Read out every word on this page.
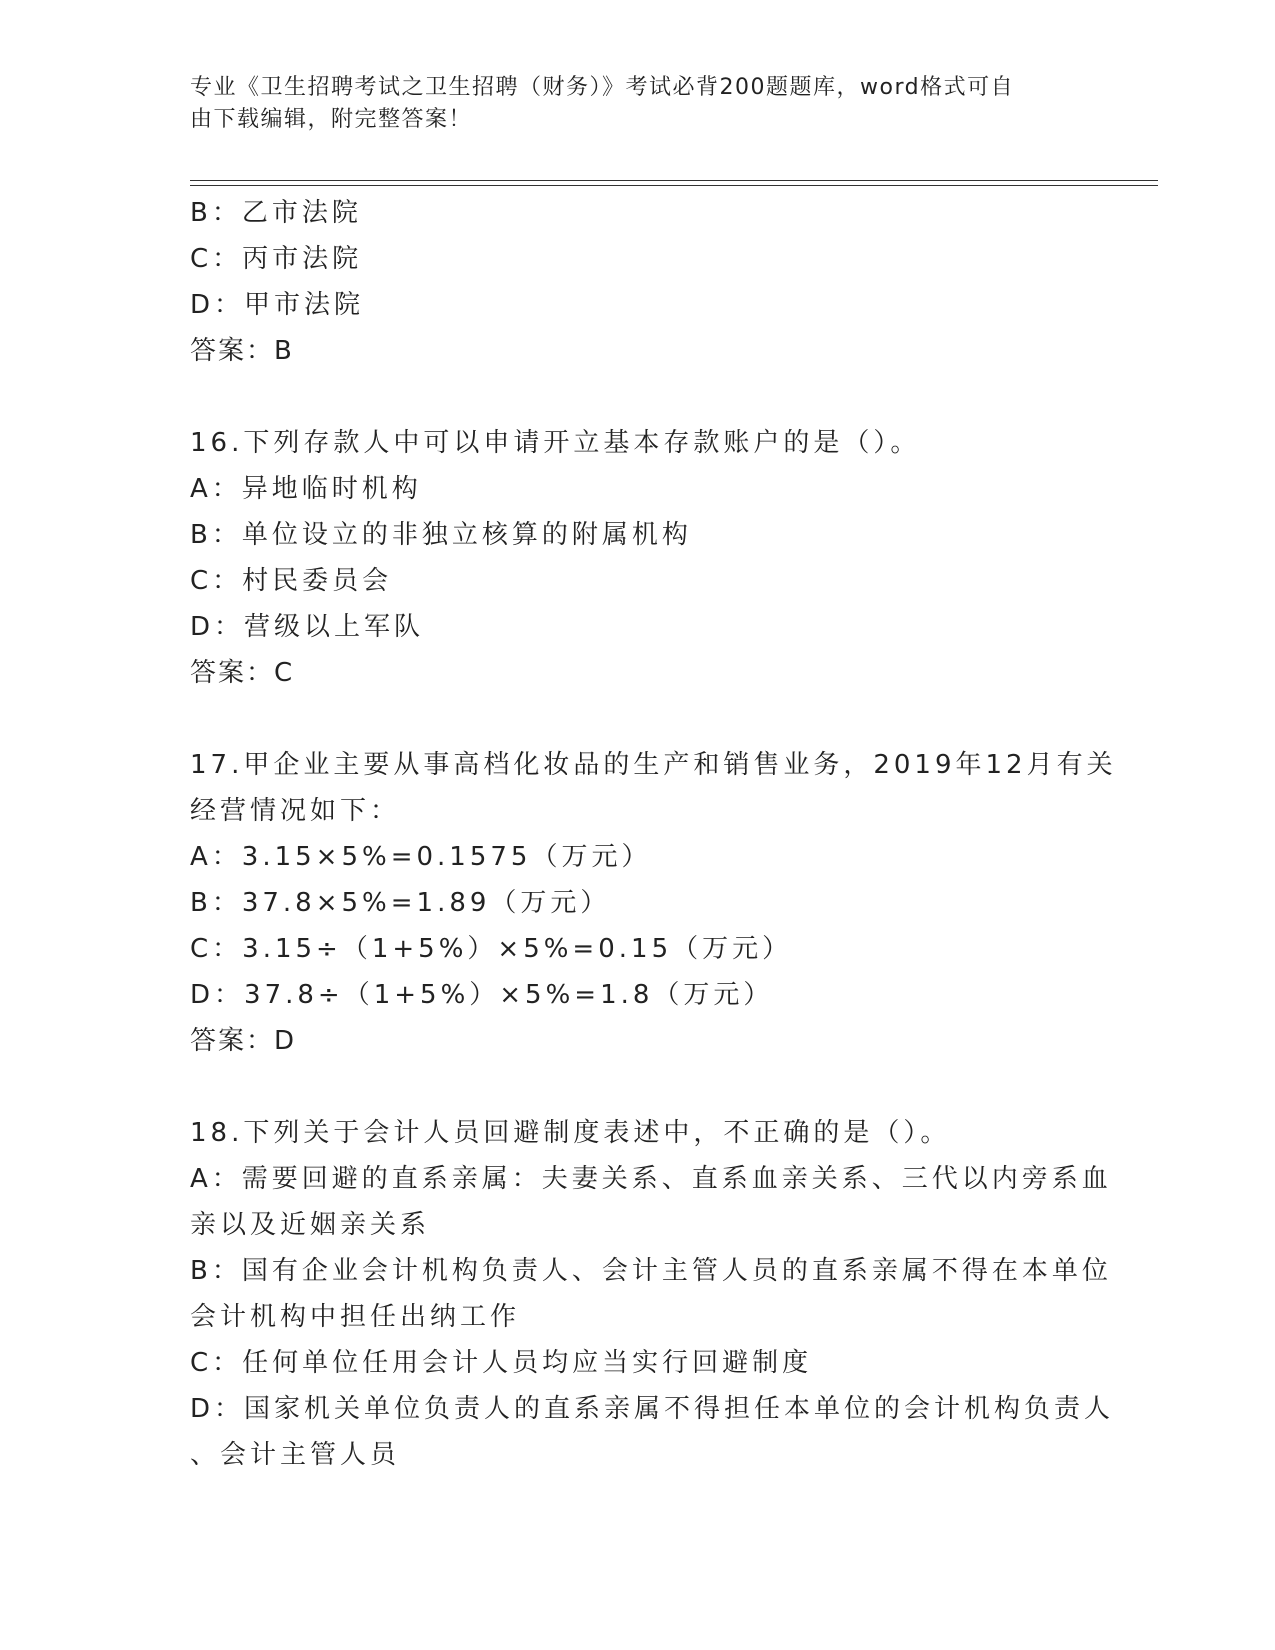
专业《卫生招聘考试之卫生招聘（财务）》考试必背200题题库，word格式可自
由下载编辑，附完整答案！
B：乙市法院
C：丙市法院
D：甲市法院
答案：B
16.下列存款人中可以申请开立基本存款账户的是（）。
A：异地临时机构
B：单位设立的非独立核算的附属机构
C：村民委员会
D：营级以上军队
答案：C
17.甲企业主要从事高档化妆品的生产和销售业务，2019年12月有关
经营情况如下：
A：3.15×5%=0.1575（万元）
B：37.8×5%=1.89（万元）
C：3.15÷（1+5%）×5%=0.15（万元）
D：37.8÷（1+5%）×5%=1.8（万元）
答案：D
18.下列关于会计人员回避制度表述中，不正确的是（）。
A：需要回避的直系亲属：夫妻关系、直系血亲关系、三代以内旁系血
亲以及近姻亲关系
B：国有企业会计机构负责人、会计主管人员的直系亲属不得在本单位
会计机构中担任出纳工作
C：任何单位任用会计人员均应当实行回避制度
D：国家机关单位负责人的直系亲属不得担任本单位的会计机构负责人
、会计主管人员
